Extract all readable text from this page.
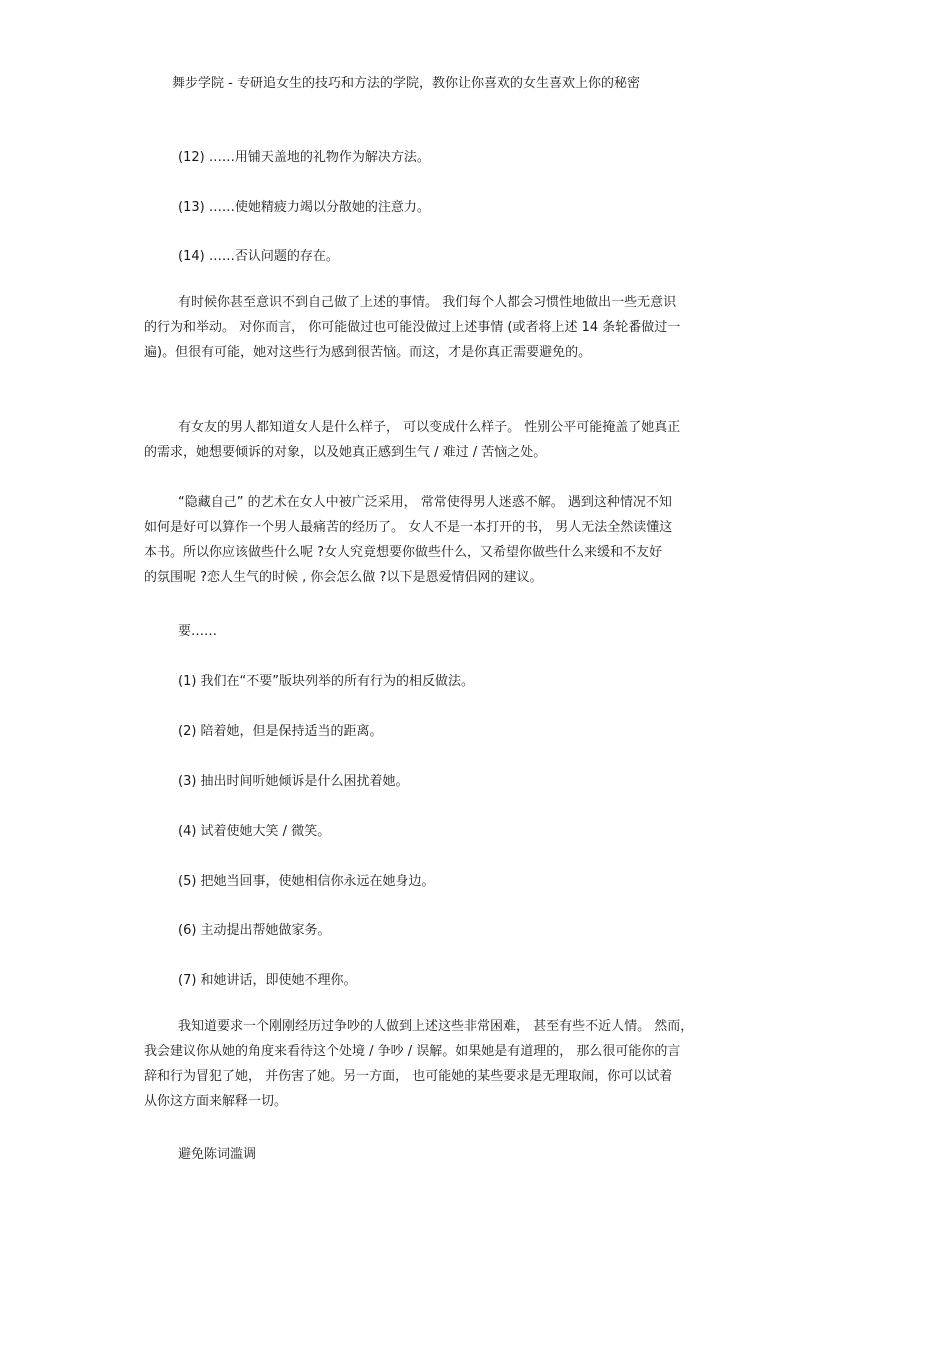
舞步学院 - 专研追女生的技巧和方法的学院，教你让你喜欢的女生喜欢上你的秘密
(12) ……用铺天盖地的礼物作为解决方法。
(13) ……使她精疲力竭以分散她的注意力。
(14) ……否认问题的存在。
有时候你甚至意识不到自己做了上述的事情。 我们每个人都会习惯性地做出一些无意识
的行为和举动。 对你而言， 你可能做过也可能没做过上述事情 (或者将上述 14 条轮番做过一
遍)。但很有可能，她对这些行为感到很苦恼。而这，才是你真正需要避免的。
有女友的男人都知道女人是什么样子， 可以变成什么样子。 性别公平可能掩盖了她真正
的需求，她想要倾诉的对象，以及她真正感到生气 / 难过 / 苦恼之处。
“隐藏自己” 的艺术在女人中被广泛采用， 常常使得男人迷惑不解。 遇到这种情况不知
如何是好可以算作一个男人最痛苦的经历了。 女人不是一本打开的书， 男人无法全然读懂这
本书。所以你应该做些什么呢 ?女人究竟想要你做些什么，又希望你做些什么来缓和不友好
的氛围呢 ?恋人生气的时候 , 你会怎么做 ?以下是恩爱情侣网的建议。
要……
(1) 我们在“不要”版块列举的所有行为的相反做法。
(2) 陪着她，但是保持适当的距离。
(3) 抽出时间听她倾诉是什么困扰着她。
(4) 试着使她大笑 / 微笑。
(5) 把她当回事，使她相信你永远在她身边。
(6) 主动提出帮她做家务。
(7) 和她讲话，即使她不理你。
我知道要求一个刚刚经历过争吵的人做到上述这些非常困难， 甚至有些不近人情。 然而，
我会建议你从她的角度来看待这个处境 / 争吵 / 误解。如果她是有道理的， 那么很可能你的言
辞和行为冒犯了她， 并伤害了她。另一方面， 也可能她的某些要求是无理取闹，你可以试着
从你这方面来解释一切。
避免陈词滥调
